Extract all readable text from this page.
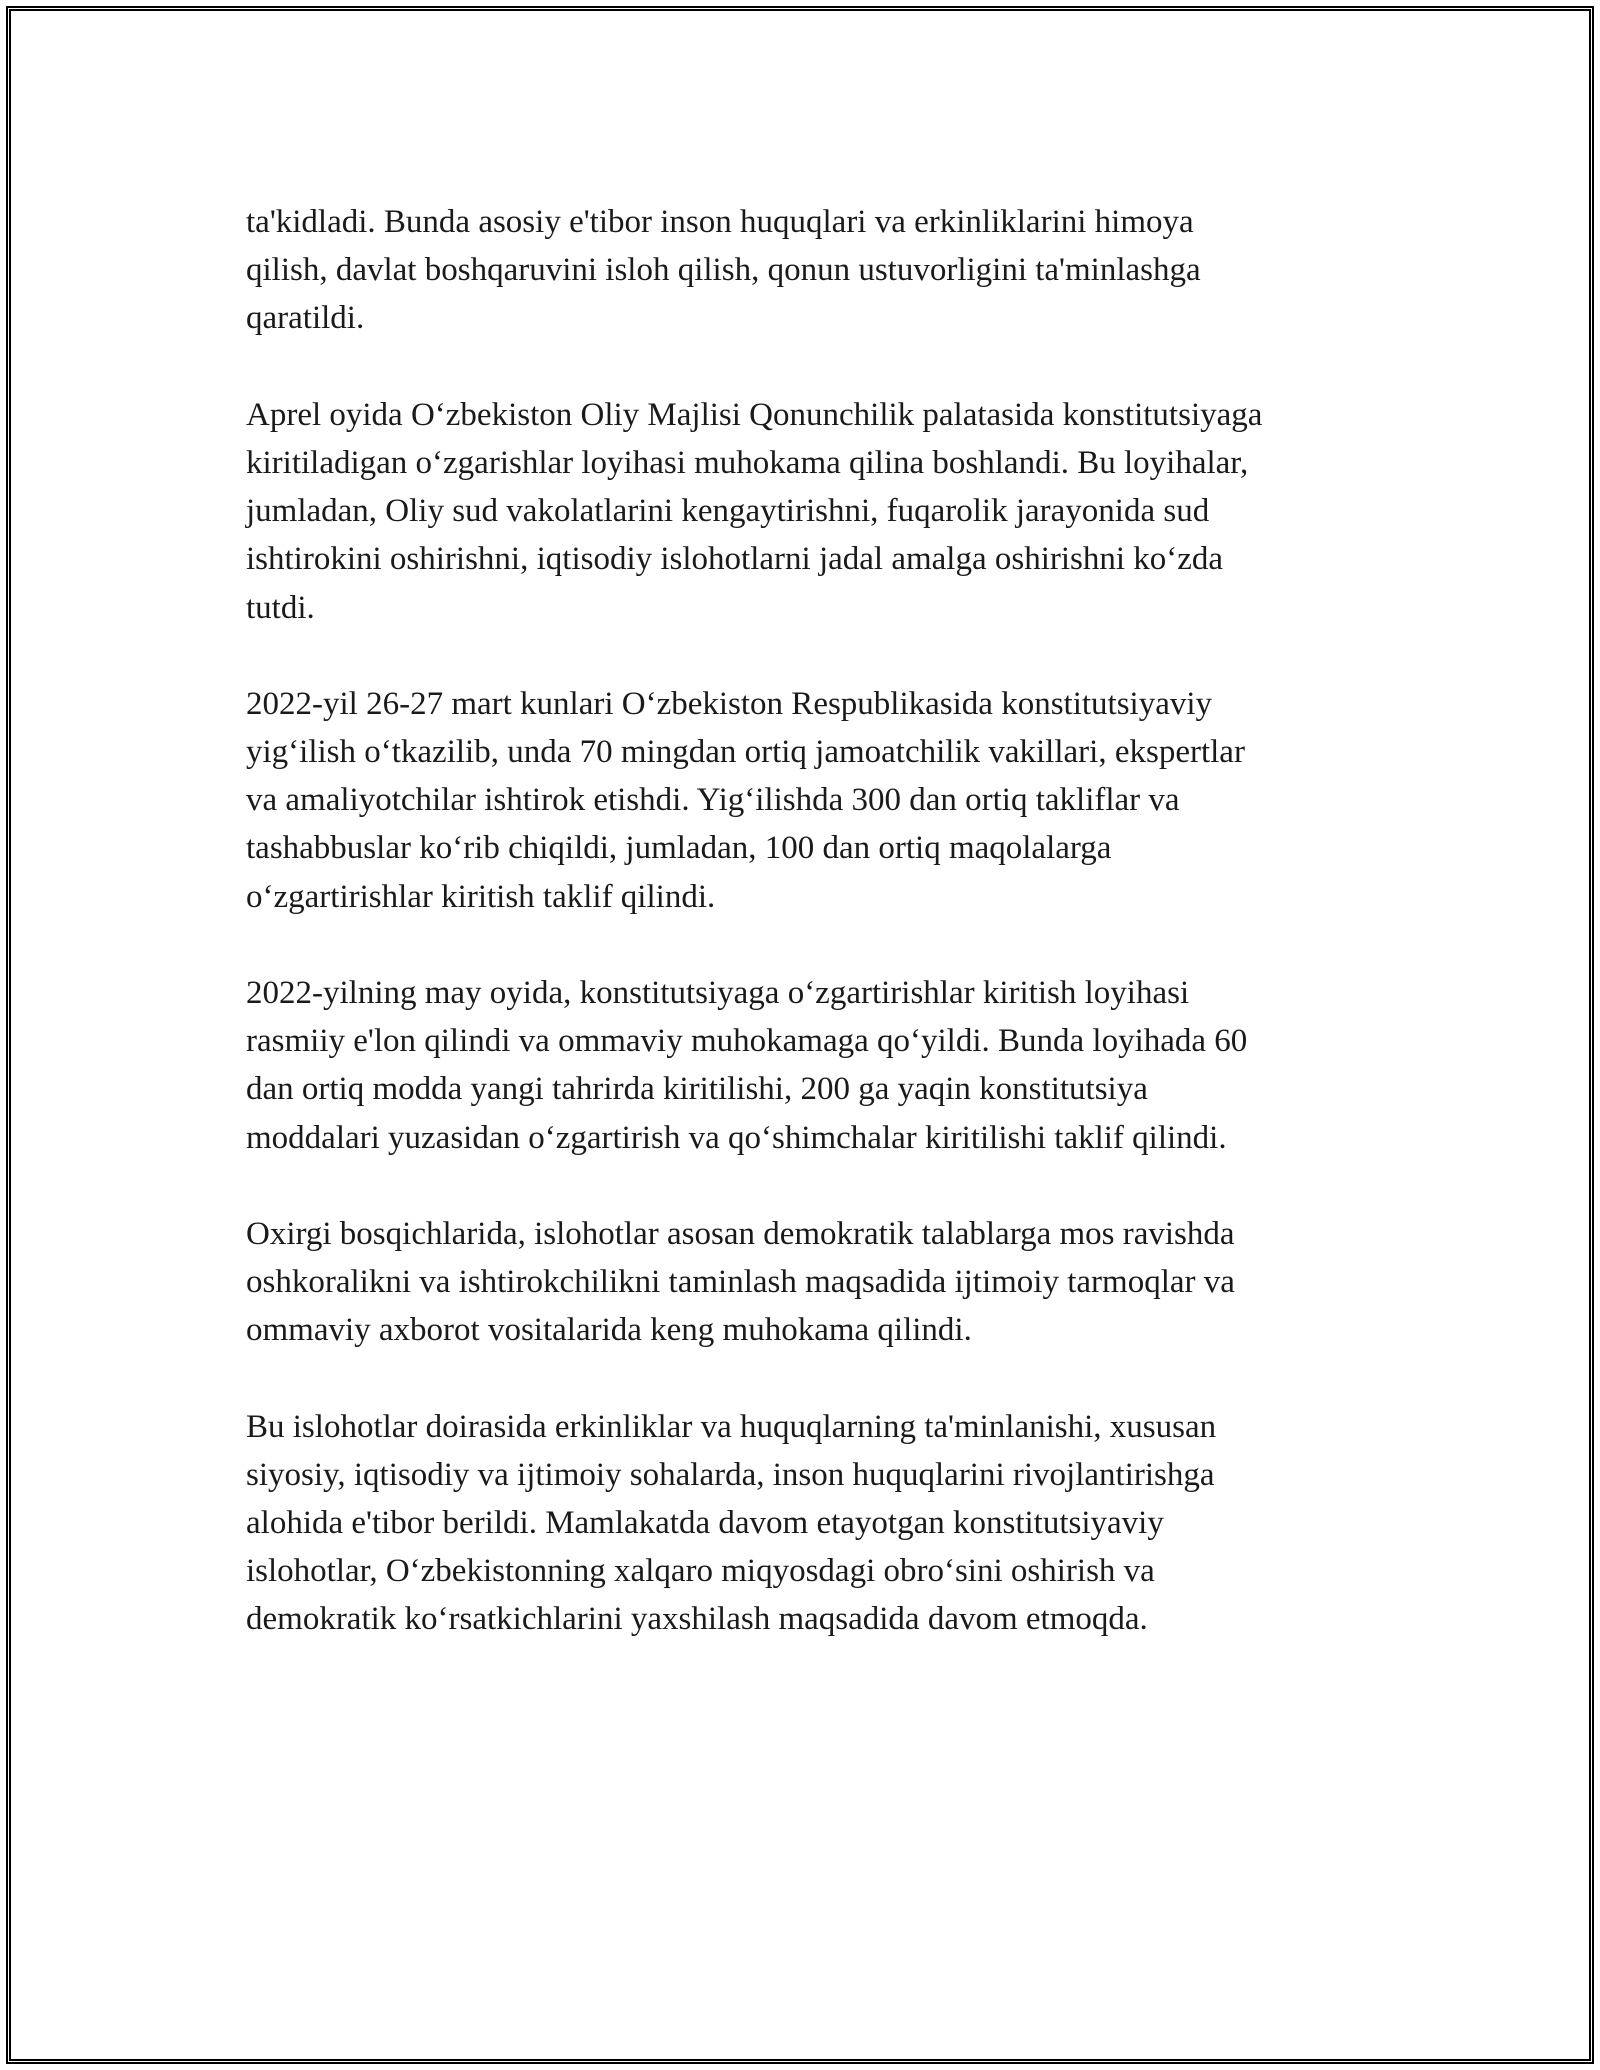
ta'kidladi. Bunda asosiy e'tibor inson huquqlari va erkinliklarini himoya
qilish, davlat boshqaruvini isloh qilish, qonun ustuvorligini ta'minlashga
qaratildi.

Aprel oyida O‘zbekiston Oliy Majlisi Qonunchilik palatasida konstitutsiyaga
kiritiladigan o‘zgarishlar loyihasi muhokama qilina boshlandi. Bu loyihalar,
jumladan, Oliy sud vakolatlarini kengaytirishni, fuqarolik jarayonida sud
ishtirokini oshirishni, iqtisodiy islohotlarni jadal amalga oshirishni ko‘zda
tutdi.

2022-yil 26-27 mart kunlari O‘zbekiston Respublikasida konstitutsiyaviy
yig‘ilish o‘tkazilib, unda 70 mingdan ortiq jamoatchilik vakillari, ekspertlar
va amaliyotchilar ishtirok etishdi. Yig‘ilishda 300 dan ortiq takliflar va
tashabbuslar ko‘rib chiqildi, jumladan, 100 dan ortiq maqolalarga
o‘zgartirishlar kiritish taklif qilindi.

2022-yilning may oyida, konstitutsiyaga o‘zgartirishlar kiritish loyihasi
rasmiiy e'lon qilindi va ommaviy muhokamaga qo‘yildi. Bunda loyihada 60
dan ortiq modda yangi tahrirda kiritilishi, 200 ga yaqin konstitutsiya
moddalari yuzasidan o‘zgartirish va qo‘shimchalar kiritilishi taklif qilindi.

Oxirgi bosqichlarida, islohotlar asosan demokratik talablarga mos ravishda
oshkoralikni va ishtirokchilikni taminlash maqsadida ijtimoiy tarmoqlar va
ommaviy axborot vositalarida keng muhokama qilindi.

Bu islohotlar doirasida erkinliklar va huquqlarning ta'minlanishi, xususan
siyosiy, iqtisodiy va ijtimoiy sohalarda, inson huquqlarini rivojlantirishga
alohida e'tibor berildi. Mamlakatda davom etayotgan konstitutsiyaviy
islohotlar, O‘zbekistonning xalqaro miqyosdagi obro‘sini oshirish va
demokratik ko‘rsatkichlarini yaxshilash maqsadida davom etmoqda.
